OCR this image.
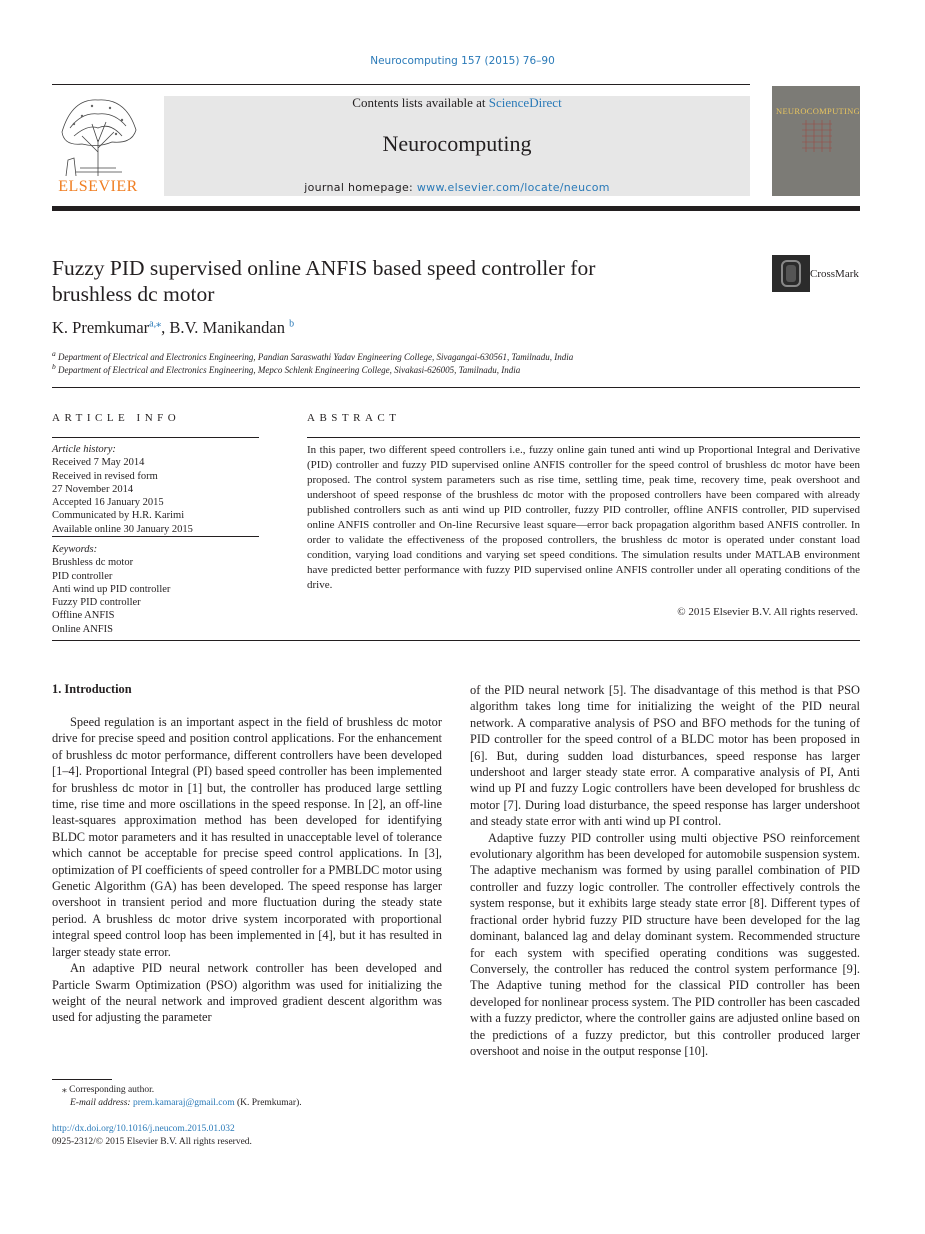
Neurocomputing 157 (2015) 76–90
ELSEVIER
Contents lists available at ScienceDirect
Neurocomputing
journal homepage: www.elsevier.com/locate/neucom
NEUROCOMPUTING
Fuzzy PID supervised online ANFIS based speed controller for brushless dc motor
CrossMark
K. Premkumar$^{a,⁎}$, B.V. Manikandan $^b$
$^a$ Department of Electrical and Electronics Engineering, Pandian Saraswathi Yadav Engineering College, Sivagangai-630561, Tamilnadu, India
$^b$ Department of Electrical and Electronics Engineering, Mepco Schlenk Engineering College, Sivakasi-626005, Tamilnadu, India
ARTICLE INFO	ABSTRACT
Article history:
Received 7 May 2014
Received in revised form
27 November 2014
Accepted 16 January 2015
Communicated by H.R. Karimi
Available online 30 January 2015
Keywords:
Brushless dc motor
PID controller
Anti wind up PID controller
Fuzzy PID controller
Offline ANFIS
Online ANFIS
In this paper, two different speed controllers i.e., fuzzy online gain tuned anti wind up Proportional Integral and Derivative (PID) controller and fuzzy PID supervised online ANFIS controller for the speed control of brushless dc motor have been proposed. The control system parameters such as rise time, settling time, peak time, recovery time, peak overshoot and undershoot of speed response of the brushless dc motor with the proposed controllers have been compared with already published controllers such as anti wind up PID controller, fuzzy PID controller, offline ANFIS controller, PID supervised online ANFIS controller and On-line Recursive least square—error back propagation algorithm based ANFIS controller. In order to validate the effectiveness of the proposed controllers, the brushless dc motor is operated under constant load condition, varying load conditions and varying set speed conditions. The simulation results under MATLAB environment have predicted better performance with fuzzy PID supervised online ANFIS controller under all operating conditions of the drive.
© 2015 Elsevier B.V. All rights reserved.
1. Introduction

Speed regulation is an important aspect in the field of brushless dc motor drive for precise speed and position control applications. For the enhancement of brushless dc motor performance, different controllers have been developed [1–4]. Proportional Integral (PI) based speed controller has been implemented for brushless dc motor in [1] but, the controller has produced large settling time, rise time and more oscillations in the speed response. In [2], an off-line least-squares approximation method has been developed for identifying BLDC motor parameters and it has resulted in unacceptable level of tolerance which cannot be acceptable for precise speed control applications. In [3], optimization of PI coefficients of speed controller for a PMBLDC motor using Genetic Algorithm (GA) has been developed. The speed response has larger overshoot in transient period and more fluctuation during the steady state period. A brushless dc motor drive system incorporated with proportional integral speed control loop has been implemented in [4], but it has resulted in larger steady state error.

An adaptive PID neural network controller has been developed and Particle Swarm Optimization (PSO) algorithm was used for initializing the weight of the neural network and improved gradient descent algorithm was used for adjusting the parameter

of the PID neural network [5]. The disadvantage of this method is that PSO algorithm takes long time for initializing the weight of the PID neural network. A comparative analysis of PSO and BFO methods for the tuning of PID controller for the speed control of a BLDC motor has been proposed in [6]. But, during sudden load disturbances, speed response has larger undershoot and larger steady state error. A comparative analysis of PI, Anti wind up PI and fuzzy Logic controllers have been developed for brushless dc motor [7]. During load disturbance, the speed response has larger undershoot and steady state error with anti wind up PI control.

Adaptive fuzzy PID controller using multi objective PSO reinforcement evolutionary algorithm has been developed for automobile suspension system. The adaptive mechanism was formed by using parallel combination of PID controller and fuzzy logic controller. The controller effectively controls the system response, but it exhibits large steady state error [8]. Different types of fractional order hybrid fuzzy PID structure have been developed for the lag dominant, balanced lag and delay dominant system. Recommended structure for each system with specified operating conditions was suggested. Conversely, the controller has reduced the control system performance [9]. The Adaptive tuning method for the classical PID controller has been developed for nonlinear process system. The PID controller has been cascaded with a fuzzy predictor, where the controller gains are adjusted online based on the predictions of a fuzzy predictor, but this controller produced larger overshoot and noise in the output response [10].

⁎ Corresponding author.
E-mail address: prem.kamaraj@gmail.com (K. Premkumar).
http://dx.doi.org/10.1016/j.neucom.2015.01.032
0925-2312/© 2015 Elsevier B.V. All rights reserved.
